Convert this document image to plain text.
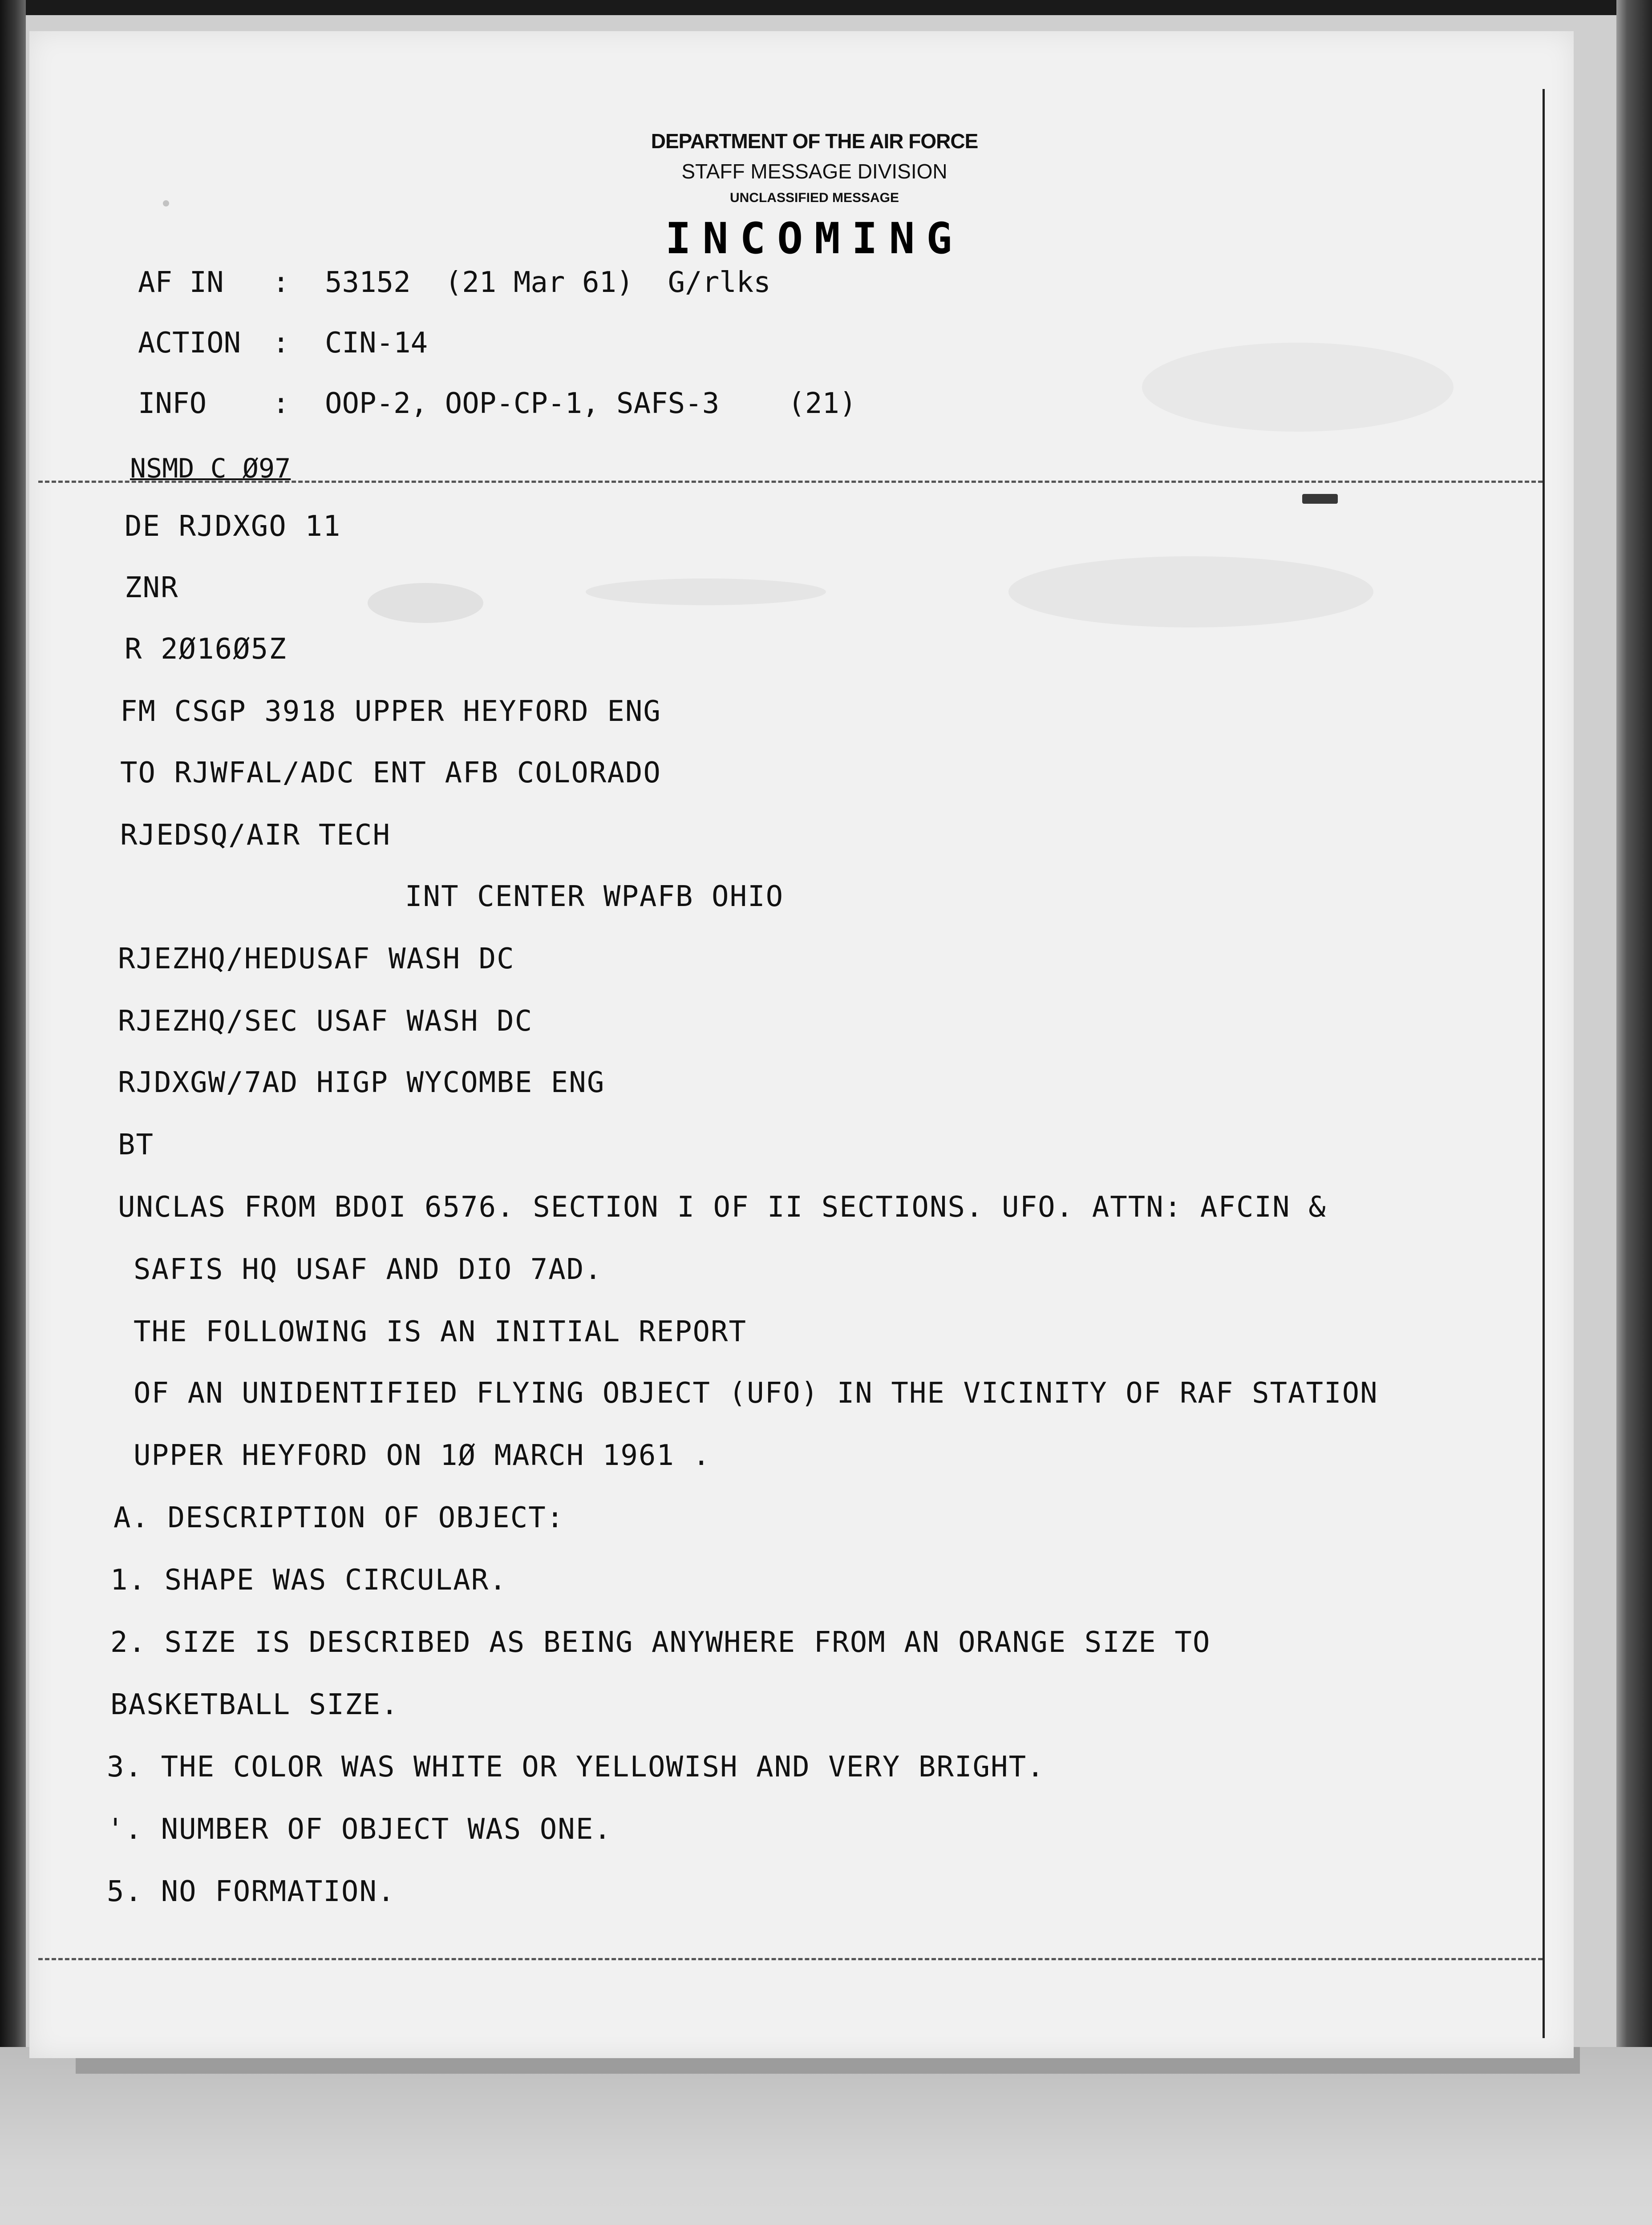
DEPARTMENT OF THE AIR FORCE
STAFF MESSAGE DIVISION
UNCLASSIFIED MESSAGE
INCOMING
AF IN : 53152  (21 Mar 61)  G/rlks
ACTION : CIN-14
INFO : OOP-2, OOP-CP-1, SAFS-3    (21)
NSMD C Ø97
DE RJDXGO 11
ZNR
R 2Ø16Ø5Z
FM CSGP 3918 UPPER HEYFORD ENG
TO RJWFAL/ADC ENT AFB COLORADO
RJEDSQ/AIR TECH
INT CENTER WPAFB OHIO
RJEZHQ/HEDUSAF WASH DC
RJEZHQ/SEC USAF WASH DC
RJDXGW/7AD HIGP WYCOMBE ENG
BT
UNCLAS FROM BDOI 6576. SECTION I OF II SECTIONS. UFO. ATTN: AFCIN &
SAFIS HQ USAF AND DIO 7AD.
THE FOLLOWING IS AN INITIAL REPORT
OF AN UNIDENTIFIED FLYING OBJECT (UFO) IN THE VICINITY OF RAF STATION
UPPER HEYFORD ON 1Ø MARCH 1961 .
A. DESCRIPTION OF OBJECT:
1. SHAPE WAS CIRCULAR.
2. SIZE IS DESCRIBED AS BEING ANYWHERE FROM AN ORANGE SIZE TO
BASKETBALL SIZE.
3. THE COLOR WAS WHITE OR YELLOWISH AND VERY BRIGHT.
'. NUMBER OF OBJECT WAS ONE.
5. NO FORMATION.
